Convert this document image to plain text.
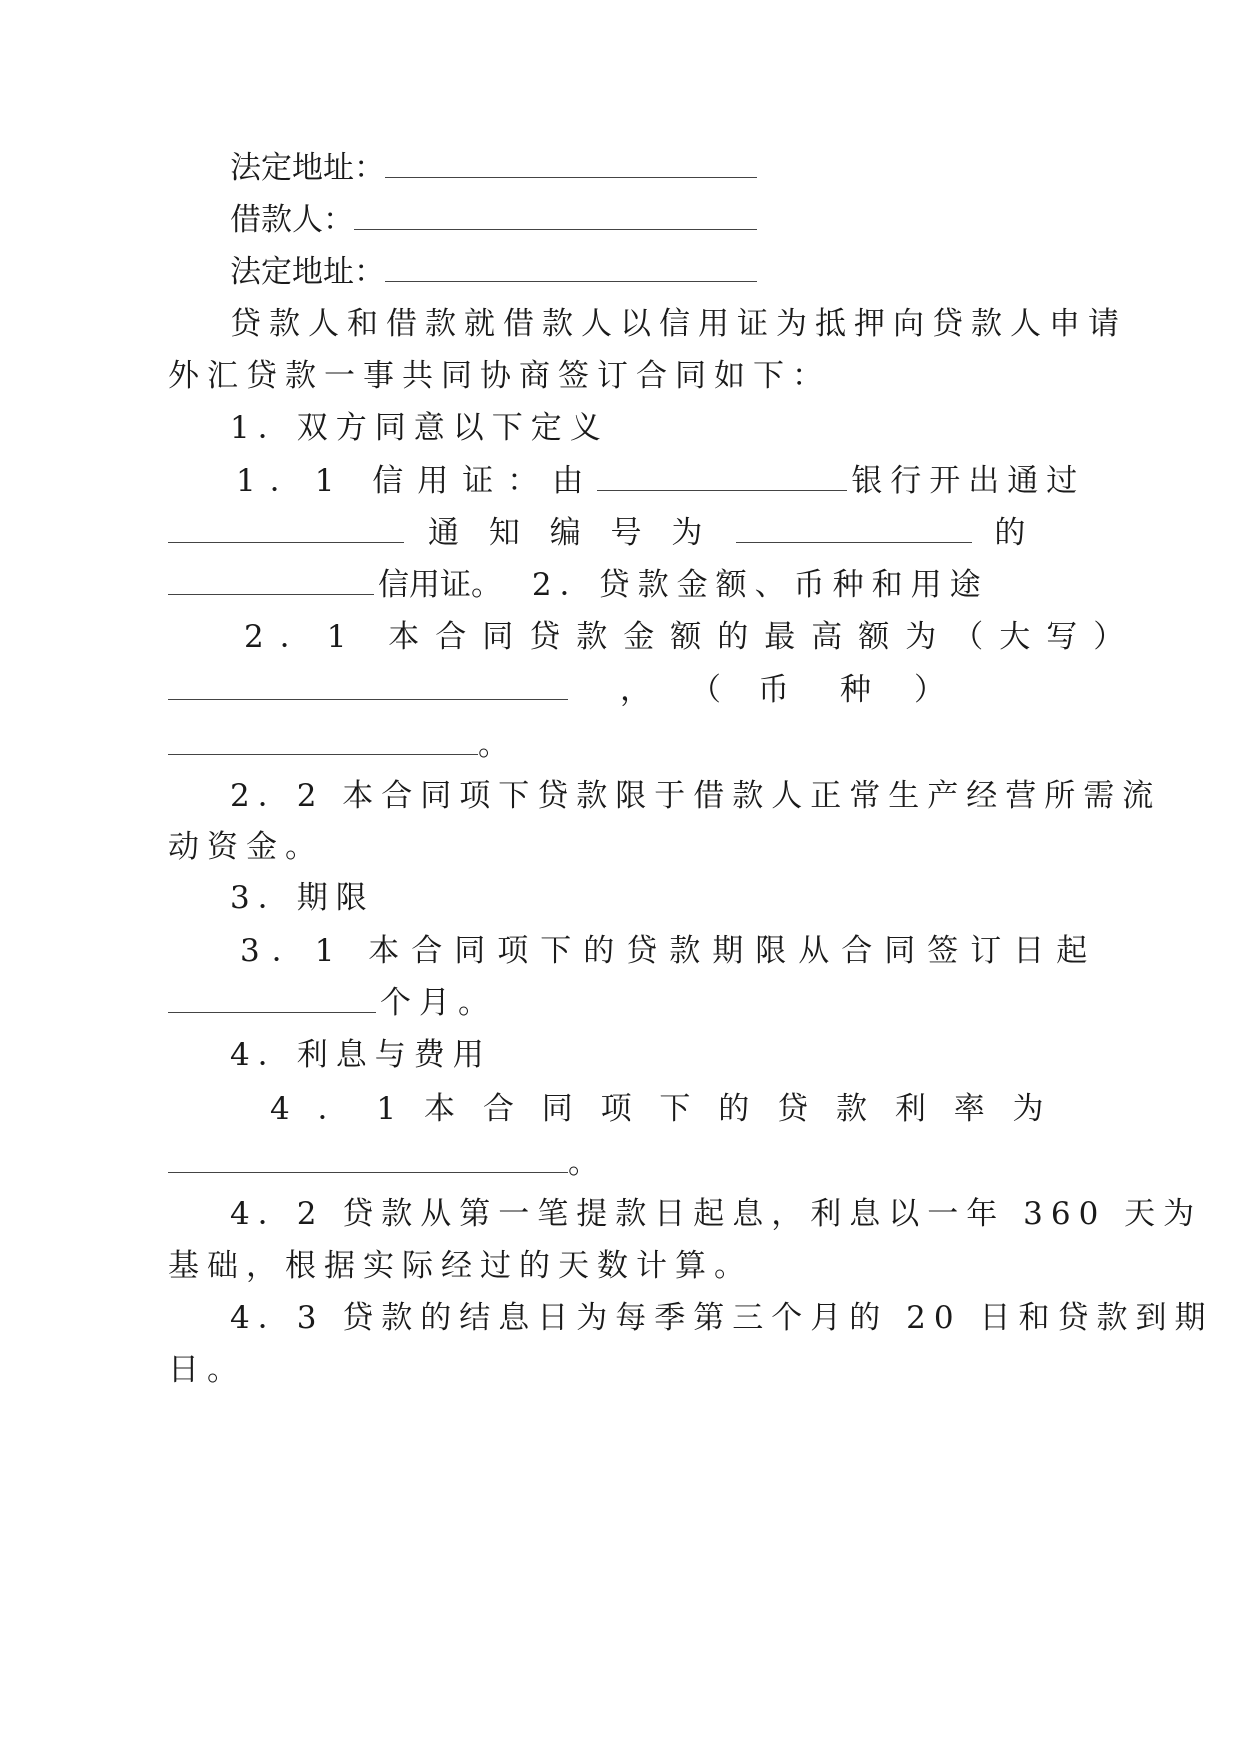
法定地址：
借款人：
法定地址：
贷款人和借款就借款人以信用证为抵押向贷款人申请
外汇贷款一事共同协商签订合同如下：
1．双方同意以下定义
1．1 信用证：由	银行开出通过
通 知 编 号 为	的
信用证。 2．贷款金额、币种和用途
2．1 本合同贷款金额的最高额为（大写）
， （ 币 种 ）
。
2．2 本合同项下贷款限于借款人正常生产经营所需流
动资金。
3．期限
3．1 本合同项下的贷款期限从合同签订日起
个月。
4．利息与费用
4 ． 1 本 合 同 项 下 的 贷 款 利 率 为
。
4．2 贷款从第一笔提款日起息，利息以一年 360 天为
基础，根据实际经过的天数计算。
4．3 贷款的结息日为每季第三个月的 20 日和贷款到期
日。
